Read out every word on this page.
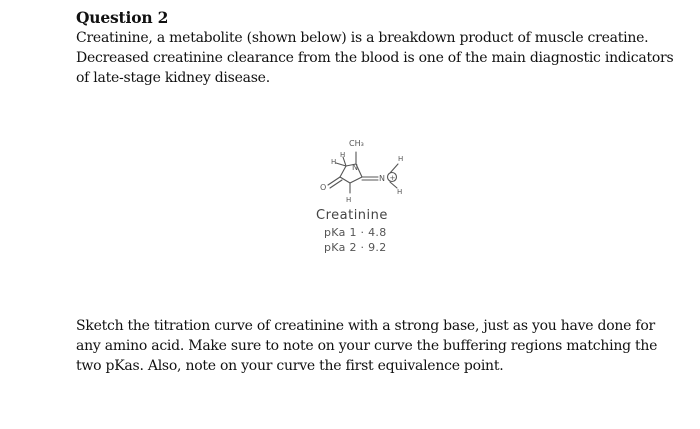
Question 2

Creatinine, a metabolite (shown below) is a breakdown product of muscle creatine. Decreased creatinine clearance from the blood is one of the main diagnostic indicators of late-stage kidney disease.

CH₃
H
H
N
O
H
N +
H
H

Creatinine

pKa 1 · 4.8

pKa 2 · 9.2

Sketch the titration curve of creatinine with a strong base, just as you have done for any amino acid. Make sure to note on your curve the buffering regions matching the two pKas. Also, note on your curve the first equivalence point.
